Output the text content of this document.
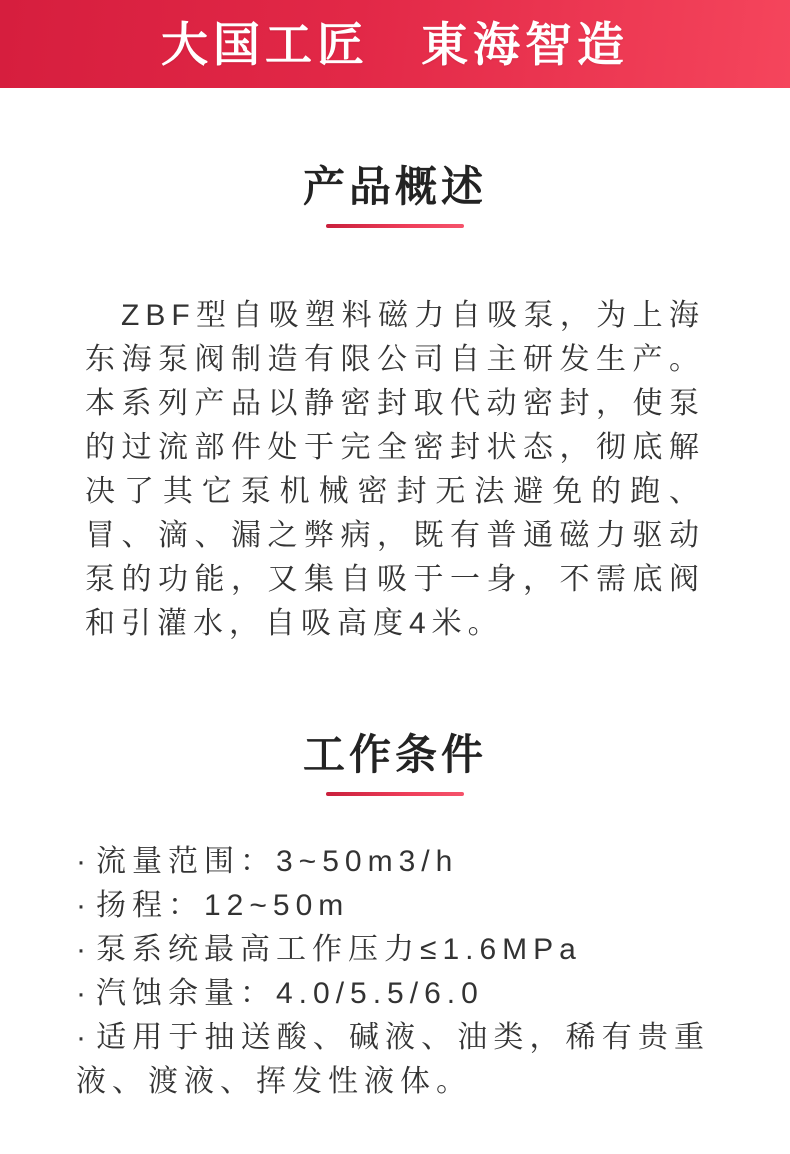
大国工匠　東海智造
产品概述

ZBF型自吸塑料磁力自吸泵，为上海东海泵阀制造有限公司自主研发生产。本系列产品以静密封取代动密封，使泵的过流部件处于完全密封状态，彻底解决了其它泵机械密封无法避免的跑、冒、滴、漏之弊病，既有普通磁力驱动泵的功能，又集自吸于一身，不需底阀和引灌水，自吸高度4米。

工作条件
· 流量范围：3~50m3/h
· 扬程：12~50m
· 泵系统最高工作压力≤1.6MPa
· 汽蚀余量：4.0/5.5/6.0
· 适用于抽送酸、碱液、油类，稀有贵重液、渡液、挥发性液体。
